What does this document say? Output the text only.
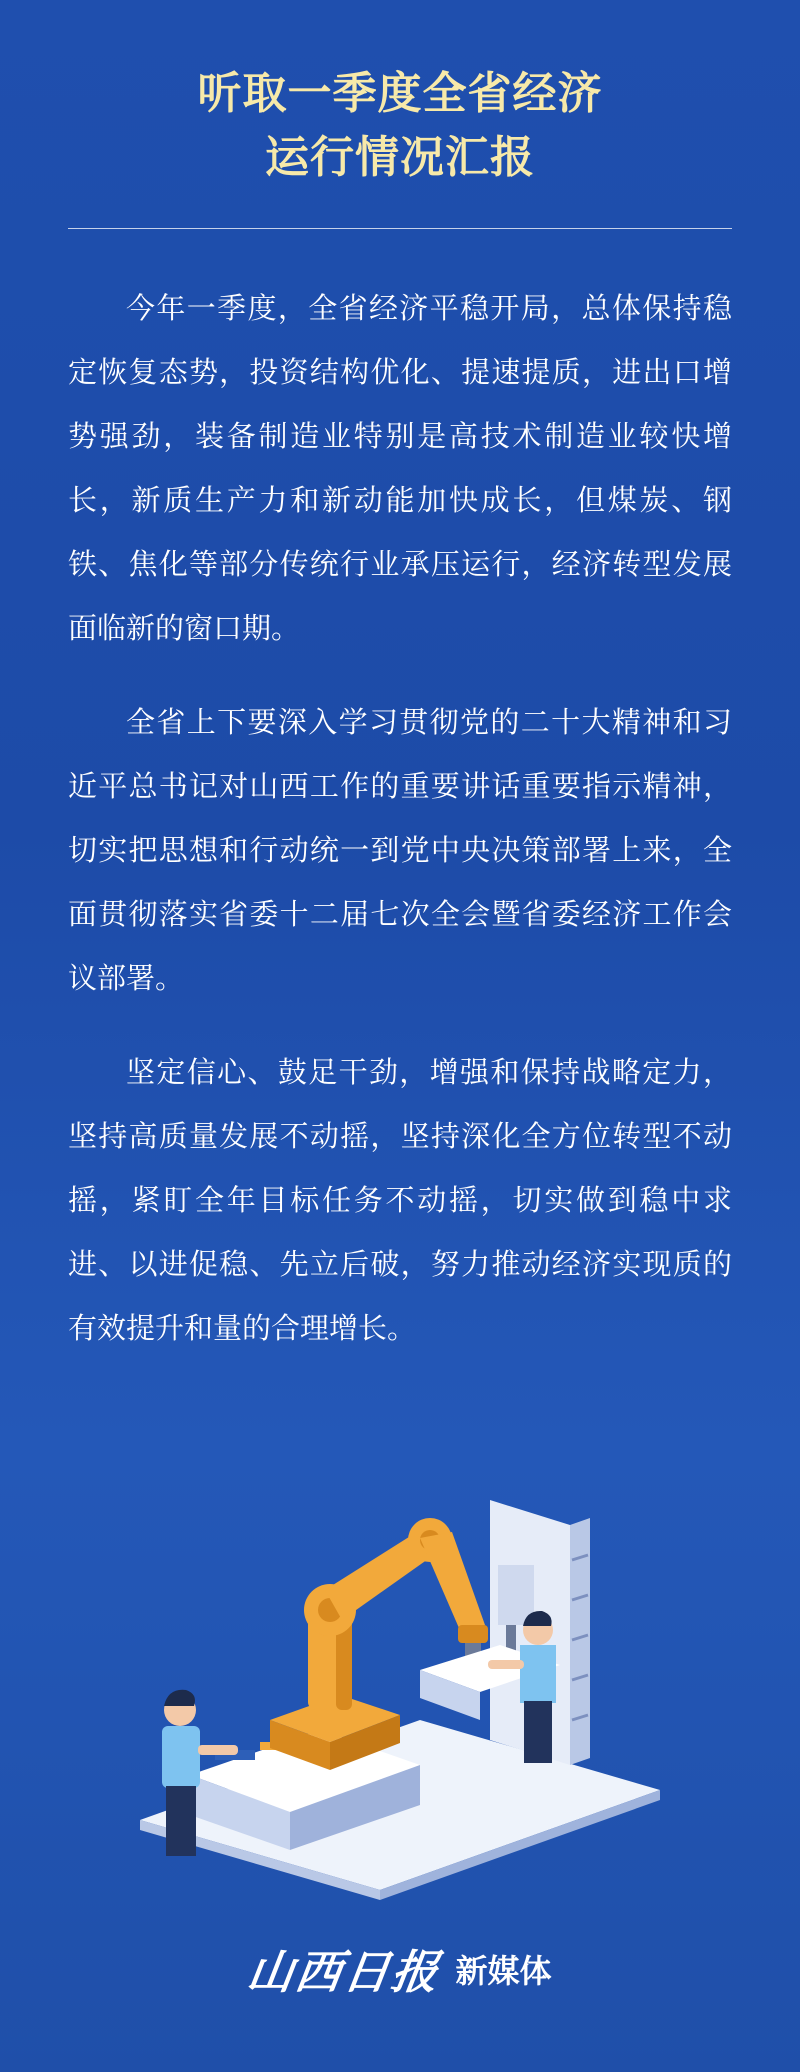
听取一季度全省经济
运行情况汇报

今年一季度，全省经济平稳开局，总体保持稳定恢复态势，投资结构优化、提速提质，进出口增势强劲，装备制造业特别是高技术制造业较快增长，新质生产力和新动能加快成长，但煤炭、钢铁、焦化等部分传统行业承压运行，经济转型发展面临新的窗口期。

全省上下要深入学习贯彻党的二十大精神和习近平总书记对山西工作的重要讲话重要指示精神，切实把思想和行动统一到党中央决策部署上来，全面贯彻落实省委十二届七次全会暨省委经济工作会议部署。

坚定信心、鼓足干劲，增强和保持战略定力，坚持高质量发展不动摇，坚持深化全方位转型不动摇，紧盯全年目标任务不动摇，切实做到稳中求进、以进促稳、先立后破，努力推动经济实现质的有效提升和量的合理增长。

山西日报 新媒体
